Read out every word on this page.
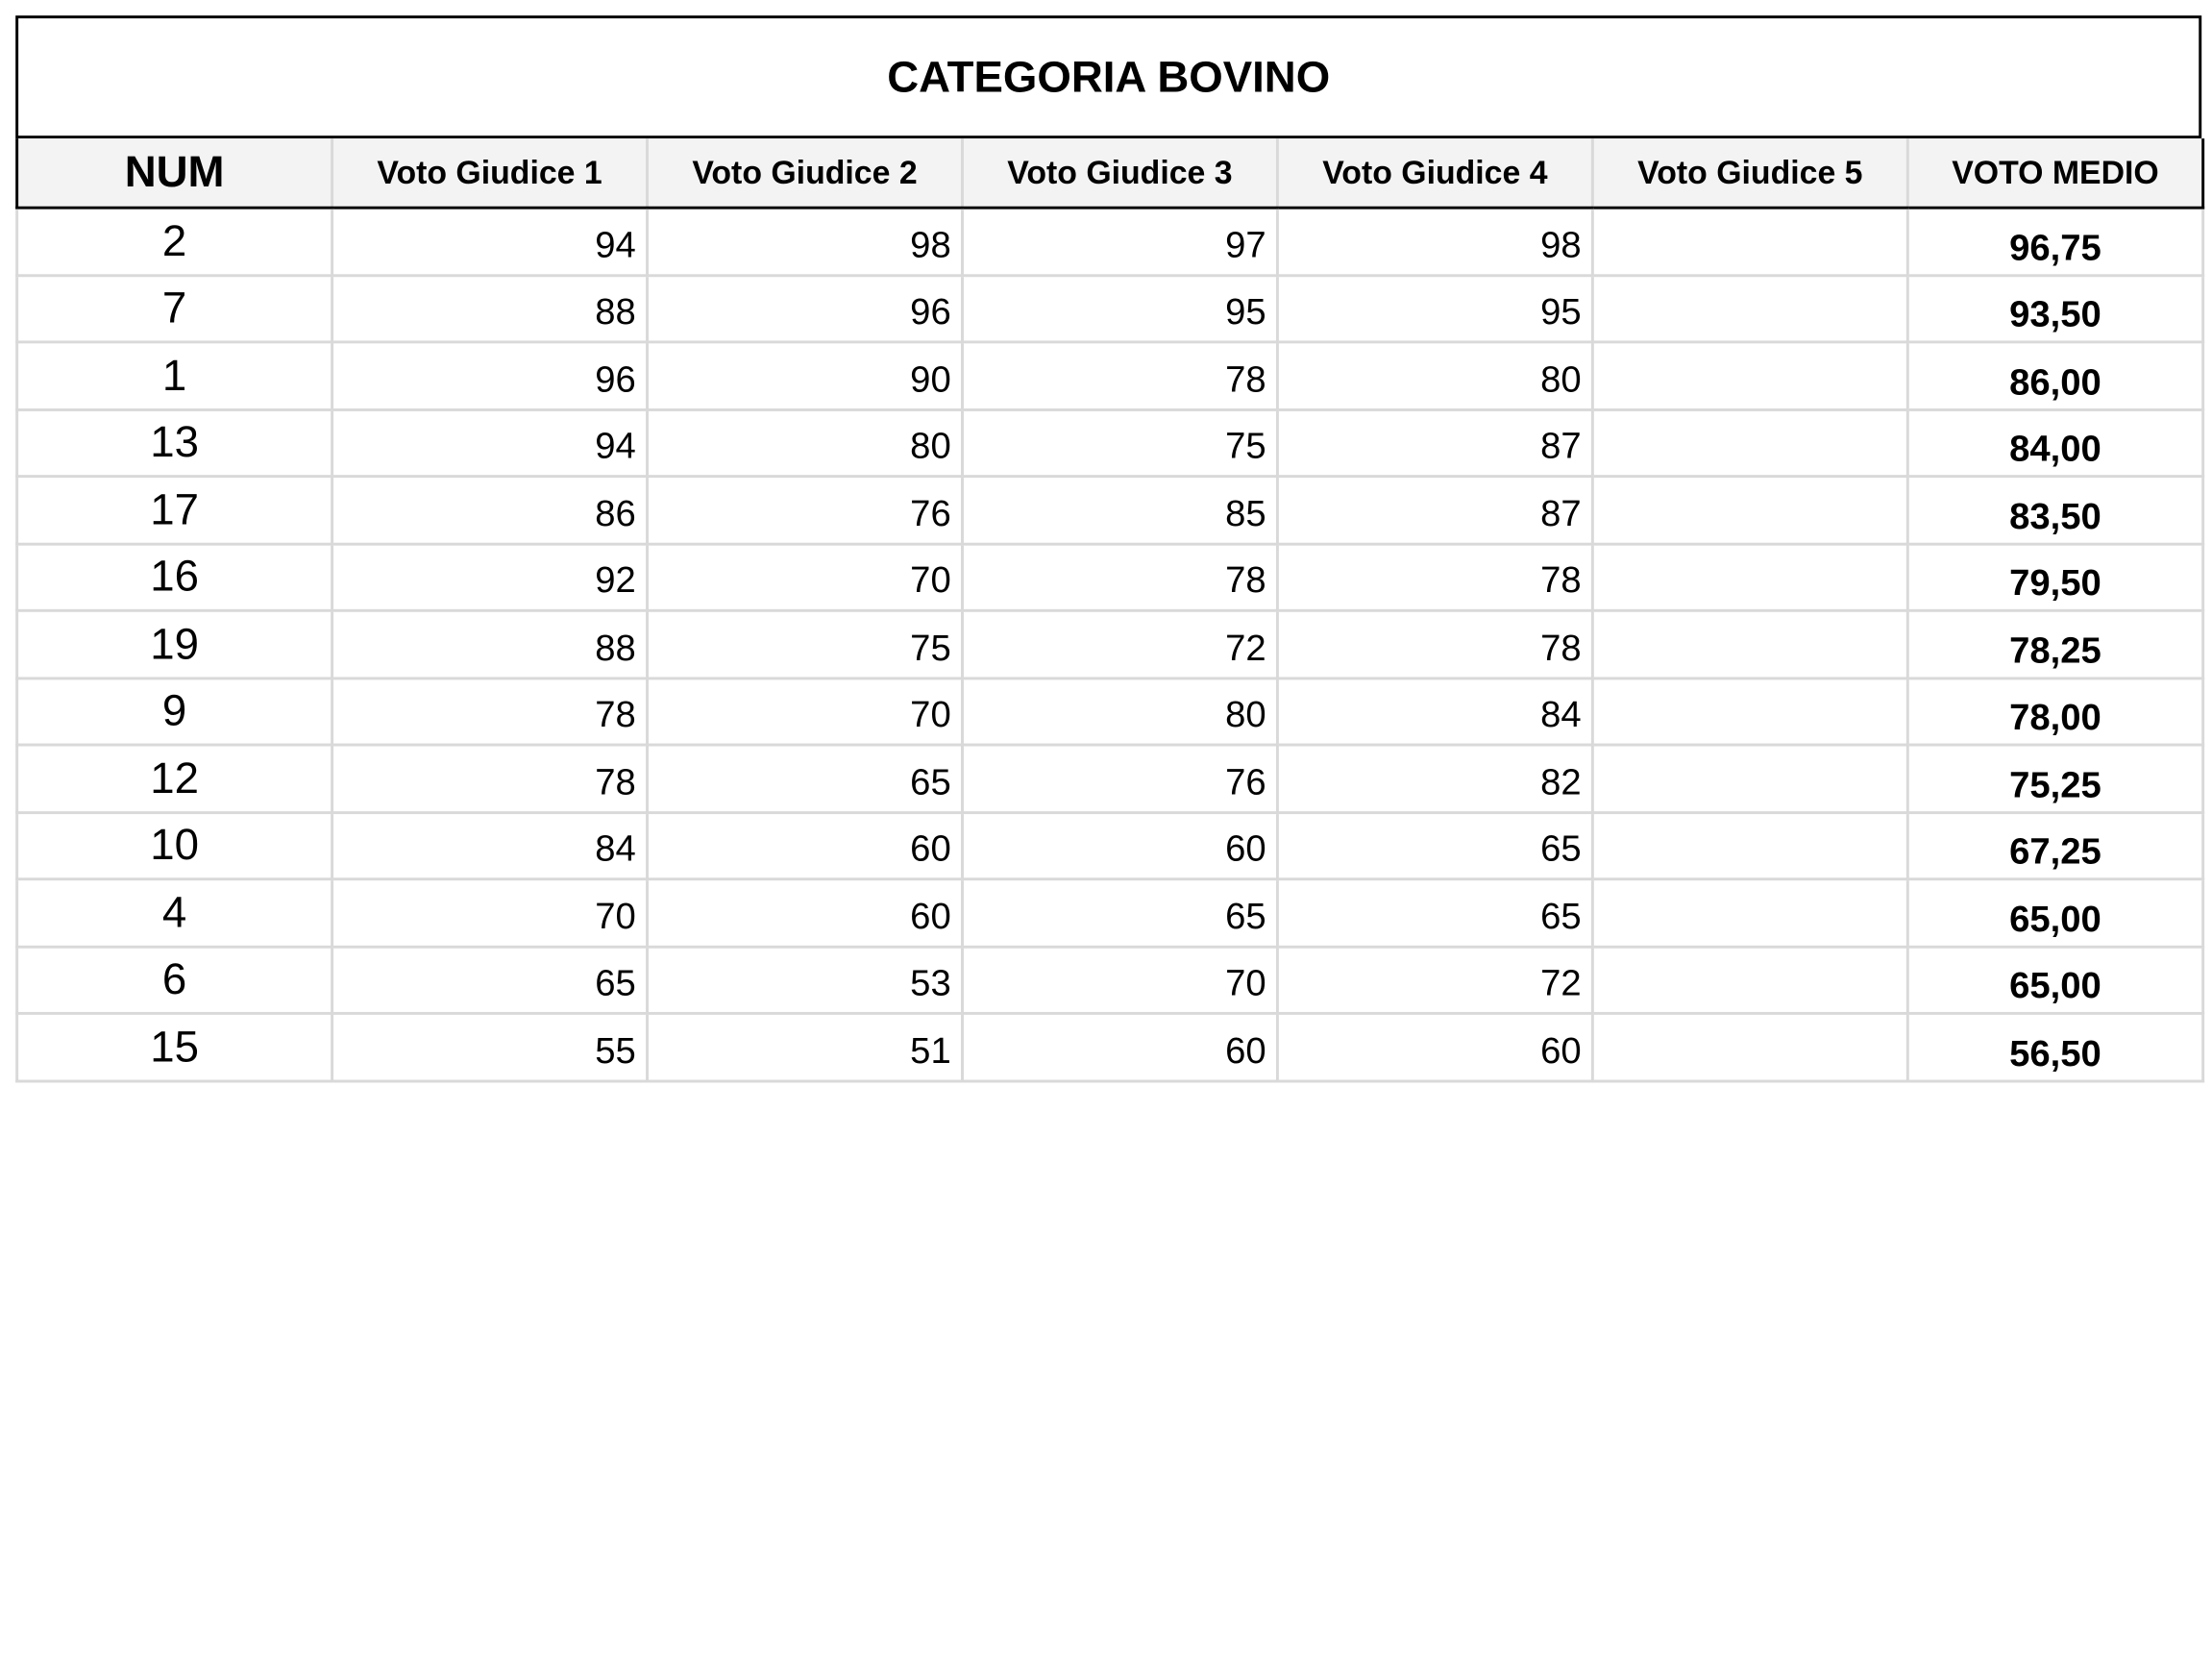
CATEGORIA BOVINO
NUM	Voto Giudice 1	Voto Giudice 2	Voto Giudice 3	Voto Giudice 4	Voto Giudice 5	VOTO MEDIO
2	94	98	97	98		96,75
7	88	96	95	95		93,50
1	96	90	78	80		86,00
13	94	80	75	87		84,00
17	86	76	85	87		83,50
16	92	70	78	78		79,50
19	88	75	72	78		78,25
9	78	70	80	84		78,00
12	78	65	76	82		75,25
10	84	60	60	65		67,25
4	70	60	65	65		65,00
6	65	53	70	72		65,00
15	55	51	60	60		56,50
